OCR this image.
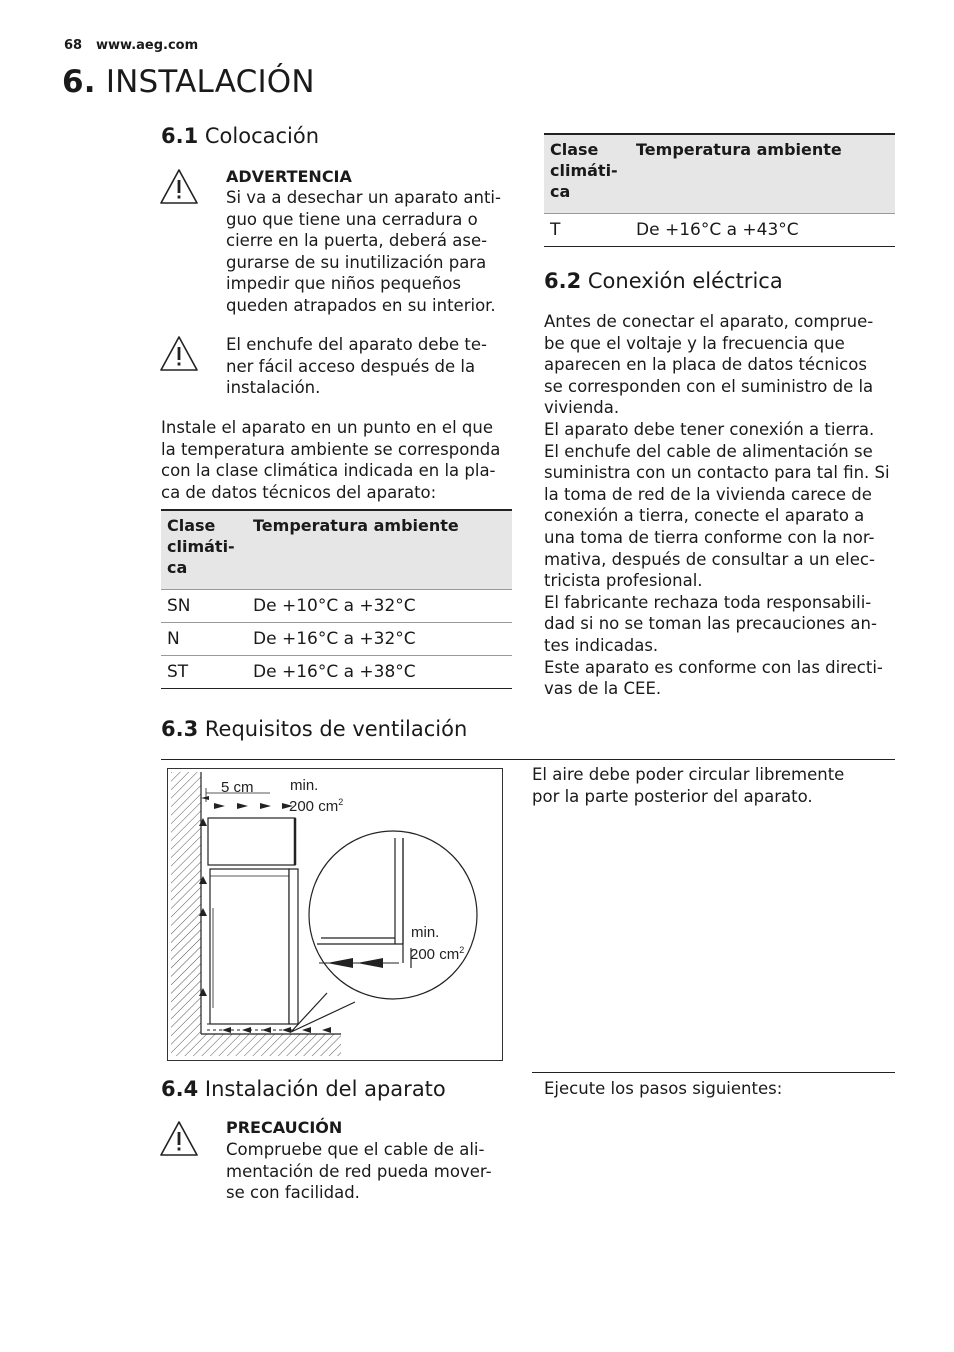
68 www.aeg.com
6. INSTALACIÓN
6.1 Colocación
ADVERTENCIA
Si va a desechar un aparato anti-
guo que tiene una cerradura o
cierre en la puerta, deberá ase-
gurarse de su inutilización para
impedir que niños pequeños
queden atrapados en su interior.
El enchufe del aparato debe te-
ner fácil acceso después de la
instalación.
Instale el aparato en un punto en el que
la temperatura ambiente se corresponda
con la clase climática indicada en la pla-
ca de datos técnicos del aparato:
Clase
climáti-
ca	Temperatura ambiente
SN	De +10°C a +32°C
N	De +16°C a +32°C
ST	De +16°C a +38°C
Clase
climáti-
ca	Temperatura ambiente
T	De +16°C a +43°C
6.2 Conexión eléctrica
Antes de conectar el aparato, comprue-
be que el voltaje y la frecuencia que
aparecen en la placa de datos técnicos
se corresponden con el suministro de la
vivienda.
El aparato debe tener conexión a tierra.
El enchufe del cable de alimentación se
suministra con un contacto para tal fin. Si
la toma de red de la vivienda carece de
conexión a tierra, conecte el aparato a
una toma de tierra conforme con la nor-
mativa, después de consultar a un elec-
tricista profesional.
El fabricante rechaza toda responsabili-
dad si no se toman las precauciones an-
tes indicadas.
Este aparato es conforme con las directi-
vas de la CEE.
6.3 Requisitos de ventilación
5 cm min.
200 $cm^2$
min.
200 $cm^2$
El aire debe poder circular libremente
por la parte posterior del aparato.
6.4 Instalación del aparato
PRECAUCIÓN
Compruebe que el cable de ali-
mentación de red pueda mover-
se con facilidad.
Ejecute los pasos siguientes:
